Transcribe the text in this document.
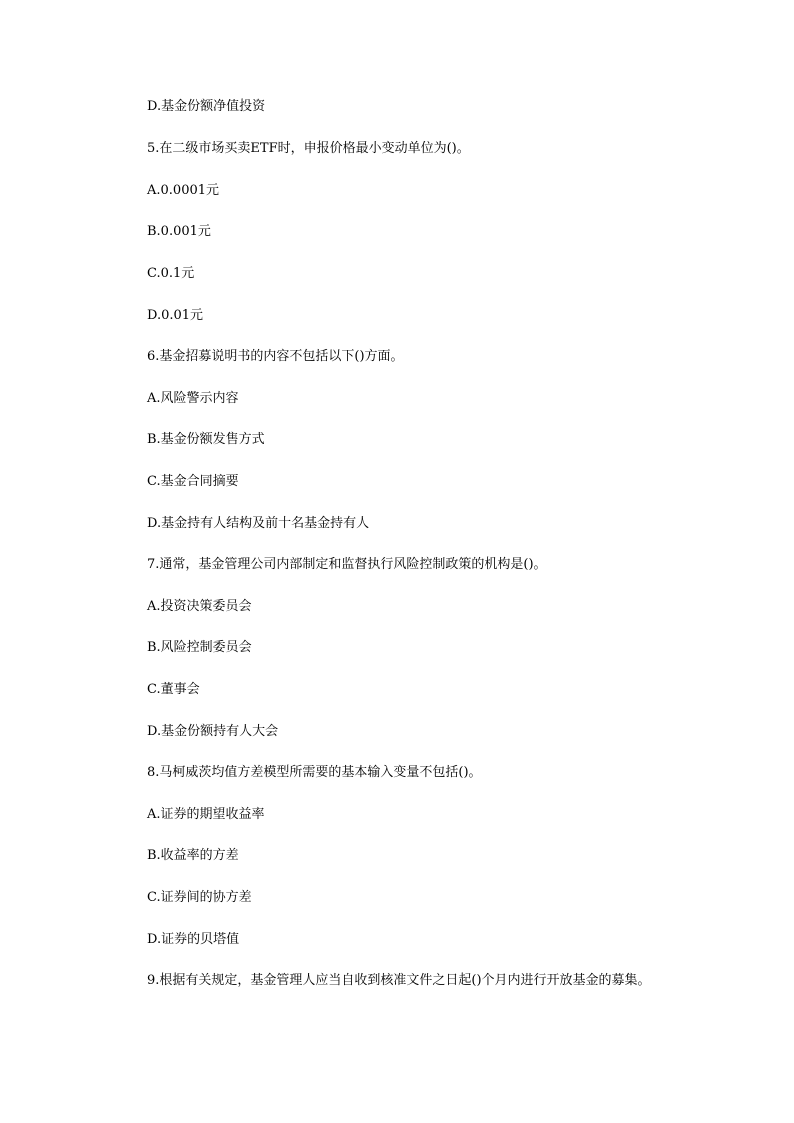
D.基金份额净值投资
5.在二级市场买卖ETF时，申报价格最小变动单位为()。
A.0.0001元
B.0.001元
C.0.1元
D.0.01元
6.基金招募说明书的内容不包括以下()方面。
A.风险警示内容
B.基金份额发售方式
C.基金合同摘要
D.基金持有人结构及前十名基金持有人
7.通常，基金管理公司内部制定和监督执行风险控制政策的机构是()。
A.投资决策委员会
B.风险控制委员会
C.董事会
D.基金份额持有人大会
8.马柯威茨均值方差模型所需要的基本输入变量不包括()。
A.证券的期望收益率
B.收益率的方差
C.证券间的协方差
D.证券的贝塔值
9.根据有关规定，基金管理人应当自收到核准文件之日起()个月内进行开放基金的募集。
